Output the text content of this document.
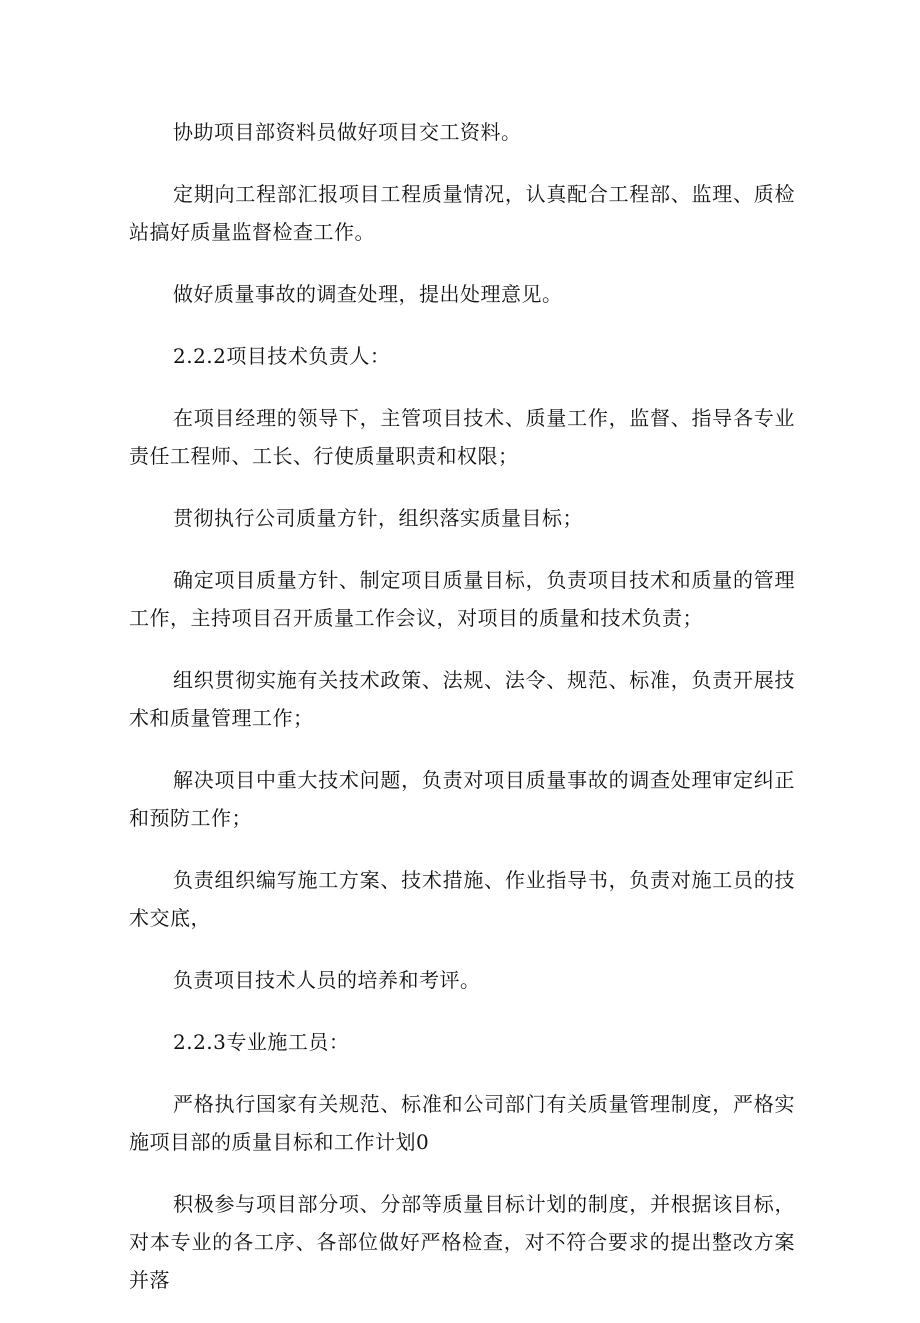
协助项目部资料员做好项目交工资料。

定期向工程部汇报项目工程质量情况，认真配合工程部、监理、质检站搞好质量监督检查工作。

做好质量事故的调查处理，提出处理意见。

2.2.2项目技术负责人：

在项目经理的领导下，主管项目技术、质量工作，监督、指导各专业责任工程师、工长、行使质量职责和权限；

贯彻执行公司质量方针，组织落实质量目标；

确定项目质量方针、制定项目质量目标，负责项目技术和质量的管理工作，主持项目召开质量工作会议，对项目的质量和技术负责；

组织贯彻实施有关技术政策、法规、法令、规范、标准，负责开展技术和质量管理工作；

解决项目中重大技术问题，负责对项目质量事故的调查处理审定纠正和预防工作；

负责组织编写施工方案、技术措施、作业指导书，负责对施工员的技术交底，

负责项目技术人员的培养和考评。

2.2.3专业施工员：

严格执行国家有关规范、标准和公司部门有关质量管理制度，严格实施项目部的质量目标和工作计划0

积极参与项目部分项、分部等质量目标计划的制度，并根据该目标，对本专业的各工序、各部位做好严格检查，对不符合要求的提出整改方案并落
